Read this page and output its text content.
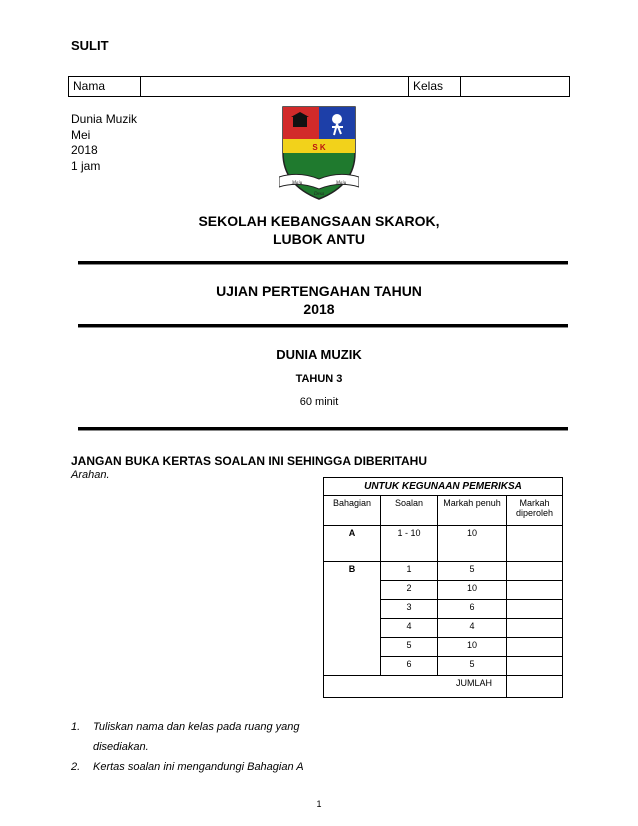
SULIT
Nama	Kelas
Dunia Muzik
Mei
2018
1 jam
S K
Maju	Maju
Desa
SEKOLAH KEBANGSAAN SKAROK,
LUBOK ANTU
UJIAN PERTENGAHAN TAHUN
2018
DUNIA MUZIK
TAHUN 3
60 minit
JANGAN BUKA KERTAS SOALAN INI SEHINGGA DIBERITAHU
Arahan.
UNTUK KEGUNAAN PEMERIKSA			
Bahagian	Soalan	Markah penuh	Markah diperoleh
A	1 - 10	10	
B	1	5	
	2	10	
	3	6	
	4	4	
	5	10	
	6	5	
JUMLAH			
1. Tuliskan nama dan kelas pada ruang yang
disediakan.
2. Kertas soalan ini mengandungi Bahagian A
1
